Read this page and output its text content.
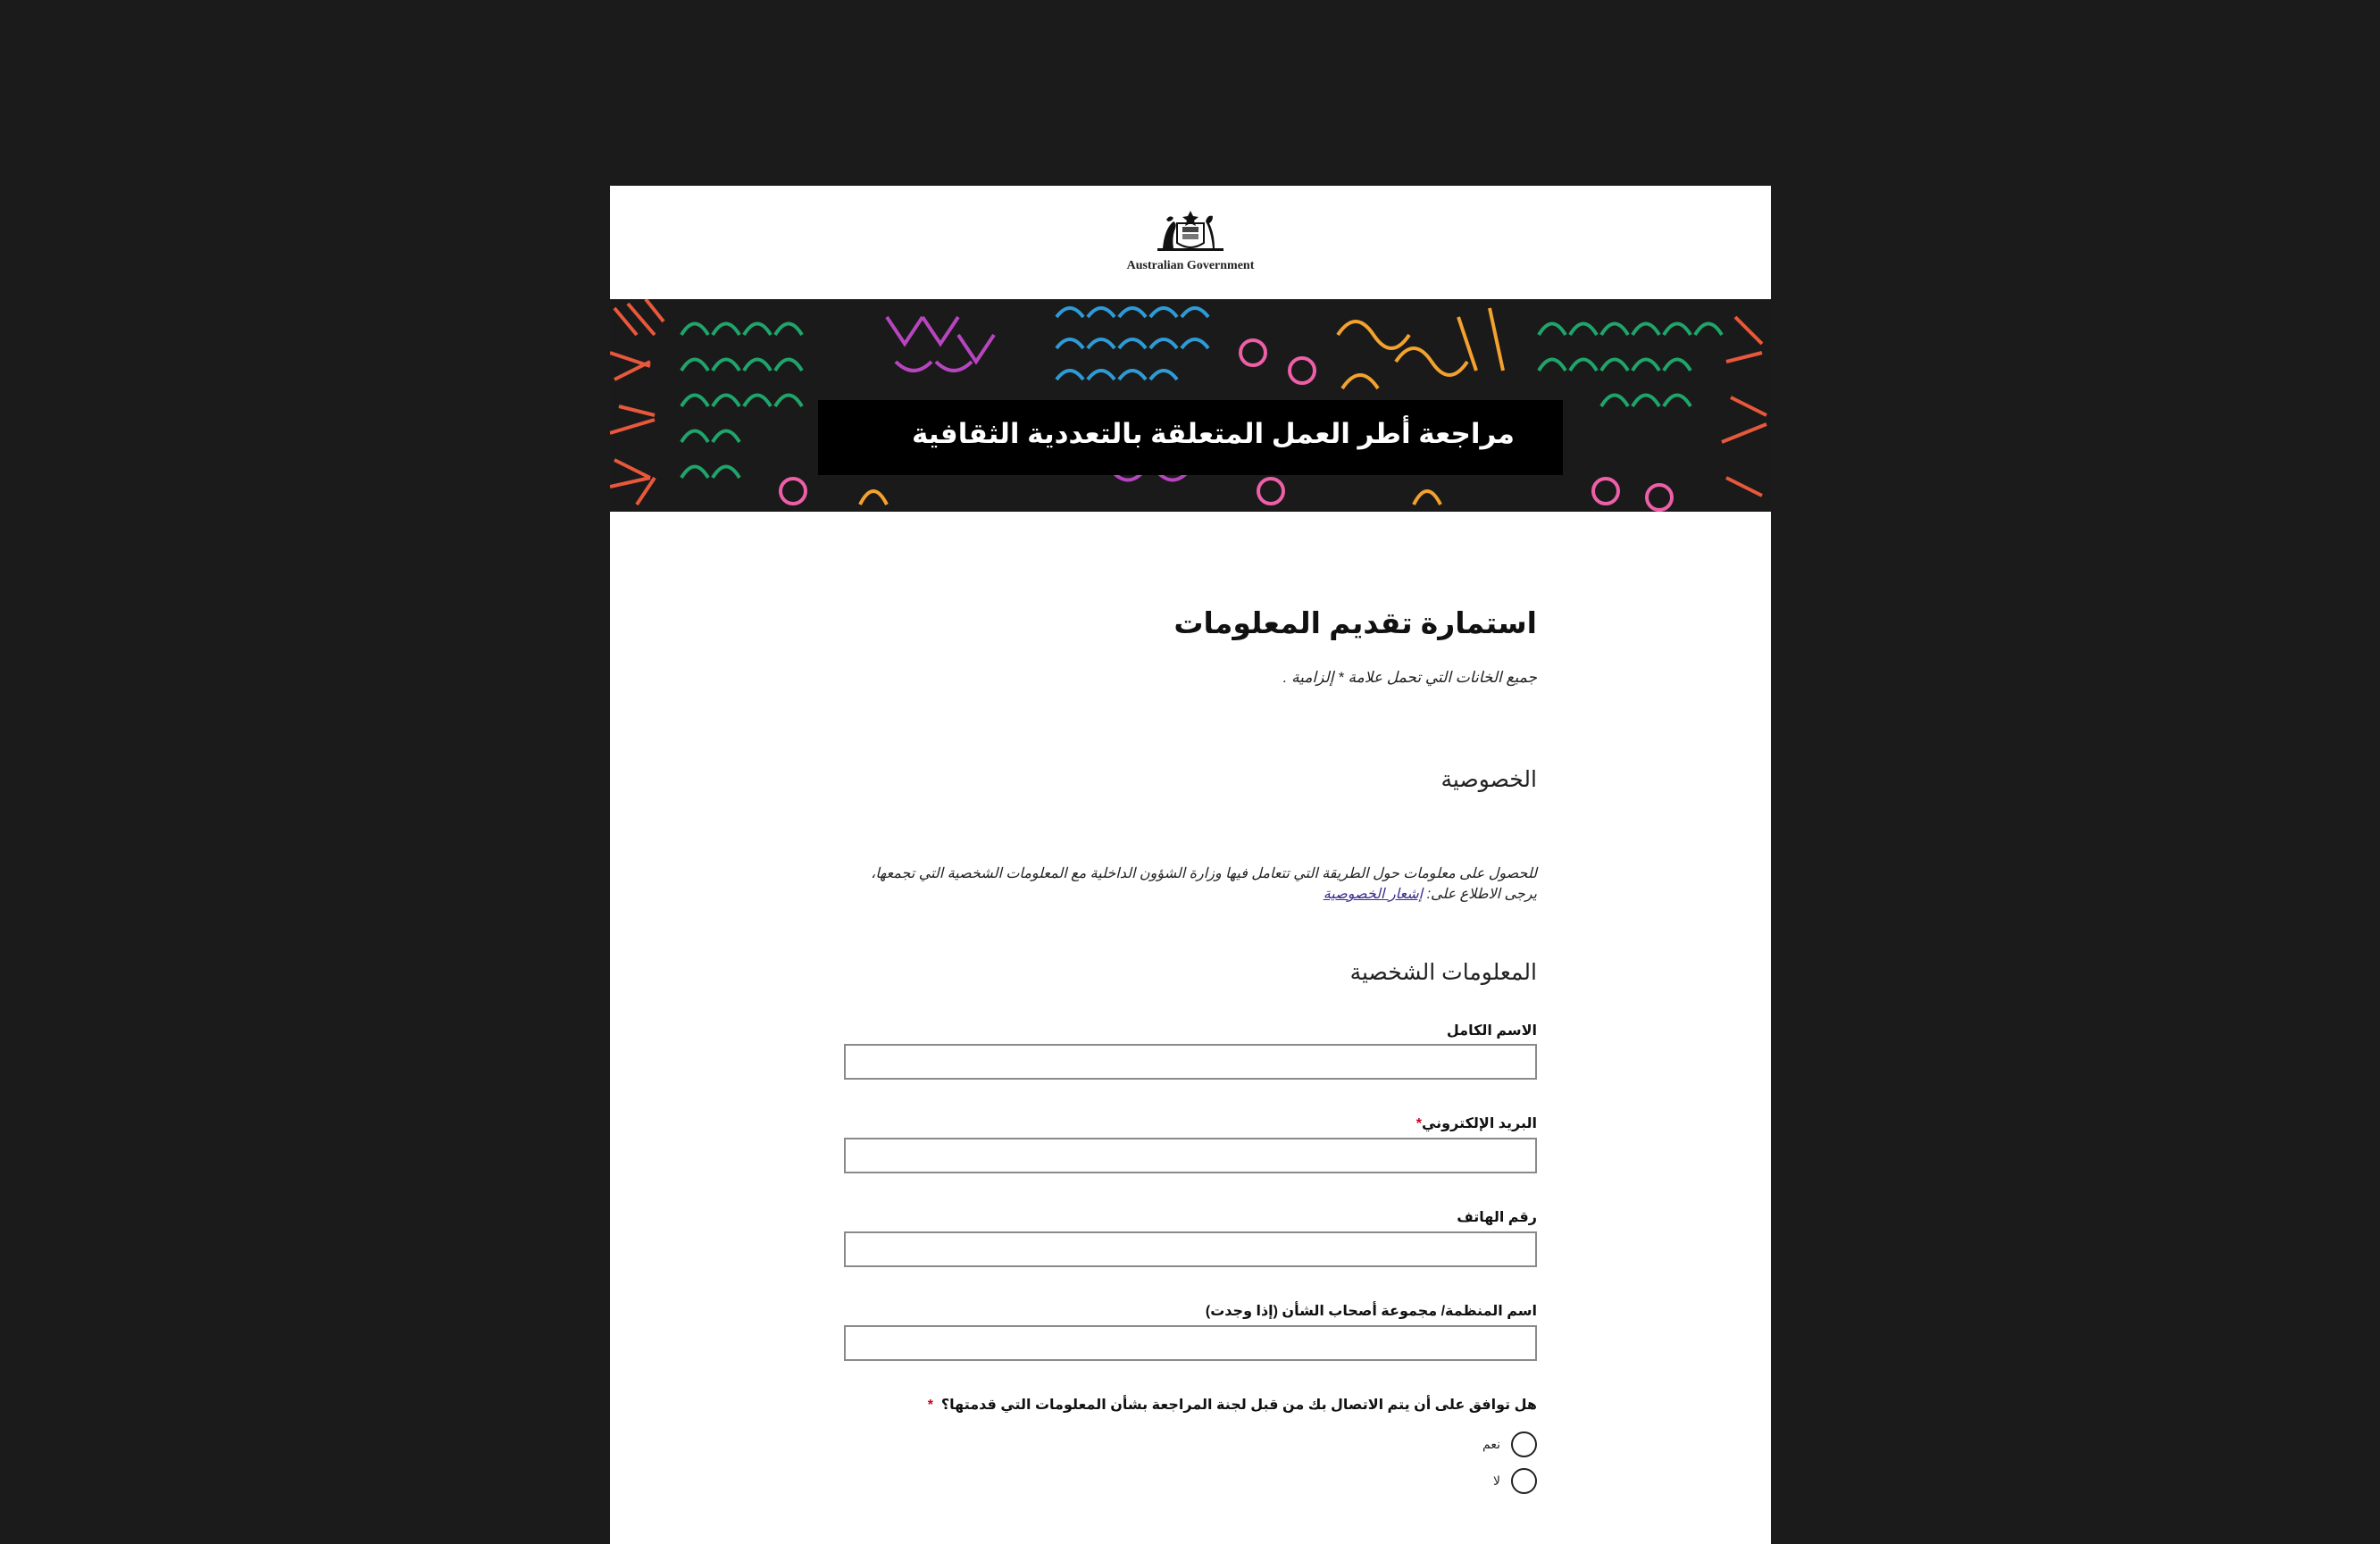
Australian Government
مراجعة أطر العمل المتعلقة بالتعددية الثقافية
استمارة تقديم المعلومات
جميع الخانات التي تحمل علامة * إلزامية .
الخصوصية
للحصول على معلومات حول الطريقة التي تتعامل فيها وزارة الشؤون الداخلية مع المعلومات الشخصية التي تجمعها، يرجى الاطلاع على: إشعار الخصوصية
المعلومات الشخصية
الاسم الكامل
البريد الإلكتروني*
رقم الهاتف
اسم المنظمة/ مجموعة أصحاب الشأن (إذا وجدت)
هل توافق على أن يتم الاتصال بك من قبل لجنة المراجعة بشأن المعلومات التي قدمتها؟  *
نعم
لا
